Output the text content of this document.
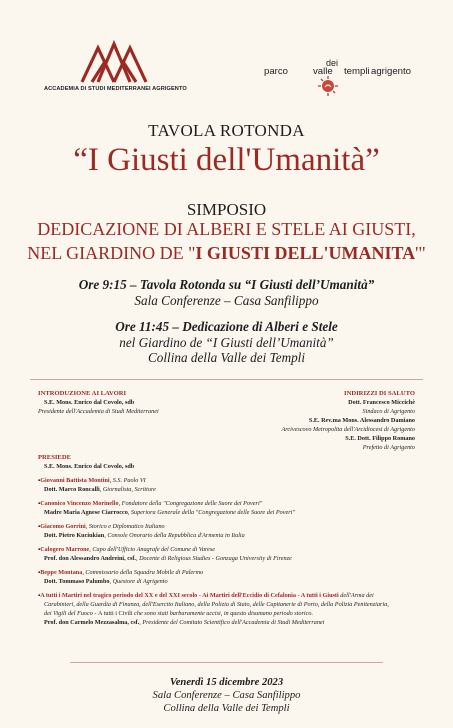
ACCADEMIA DI STUDI MEDITERRANEI AGRIGENTO
parco	valle
dei
templi agrigento
TAVOLA ROTONDA
“I Giusti dell'Umanità”
SIMPOSIO
DEDICAZIONE DI ALBERI E STELE AI GIUSTI,
NEL GIARDINO DE "I GIUSTI DELL'UMANITA'"
Ore 9:15 – Tavola Rotonda su “I Giusti dell’Umanità”
Sala Conferenze – Casa Sanfilippo
Ore 11:45 – Dedicazione di Alberi e Stele
nel Giardino de “I Giusti dell’Umanità”
Collina della Valle dei Templi
INTRODUZIONE AI LAVORI
S.E. Mons. Enrico dal Covolo, sdb
Presidente dell'Accademia di Studi Mediterranei
INDIRIZZI DI SALUTO
Dott. Francesco Miccichè
Sindaco di Agrigento
S.E. Rev.ma Mons. Alessandro Damiano
Arcivescovo Metropolita dell'Arcidiocesi di Agrigento
S.E. Dott. Filippo Romano
Prefetto di Agrigento
PRESIEDE
S.E. Mons. Enrico dal Covolo, sdb
▪Giovanni Battista Montini, S.S. Paolo VI
Dott. Marco Roncalli, Giornalista, Scrittore
▪Canonico Vincenzo Morinello, Fondatore della "Congregazione delle Suore dei Poveri"
Madre Maria Agnese Ciarrocco, Superiora Generale della "Congregazione delle Suore dei Poveri"
▪Giacomo Gorrini, Storico e Diplomatico Italiano
Dott. Pietro Kuciukian, Console Onorario della Repubblica d'Armenia in Italia
▪Calogero Marrone, Capo dell'Ufficio Anagrafe del Comune di Varese
Prof. don Alessandro Andreini, csf., Docente di Religious Studies - Gonzaga University di Firenze
▪Beppe Montana, Commissario della Squadra Mobile di Palermo
Dott. Tommaso Palumbo, Questore di Agrigento
▪A tutti i Martiri nel tragico periodo del XX e del XXI secolo - Ai Martiri dell'Eccidio di Cefalonia - A tutti i Giusti dell'Arma dei
Carabinieri, della Guardia di Finanza, dell'Esercito Italiano, della Polizia di Stato, delle Capitanerie di Porto, della Polizia Penitenziaria,
dei Vigili del Fuoco - A tutti i Civili che sono stati barbaramente uccisi, in questo disumano periodo storico.
Prof. don Carmelo Mezzasalma, csf., Presidente del Comitato Scientifico dell'Accademia di Studi Mediterranei
Venerdì 15 dicembre 2023
Sala Conferenze – Casa Sanfilippo
Collina della Valle dei Templi
